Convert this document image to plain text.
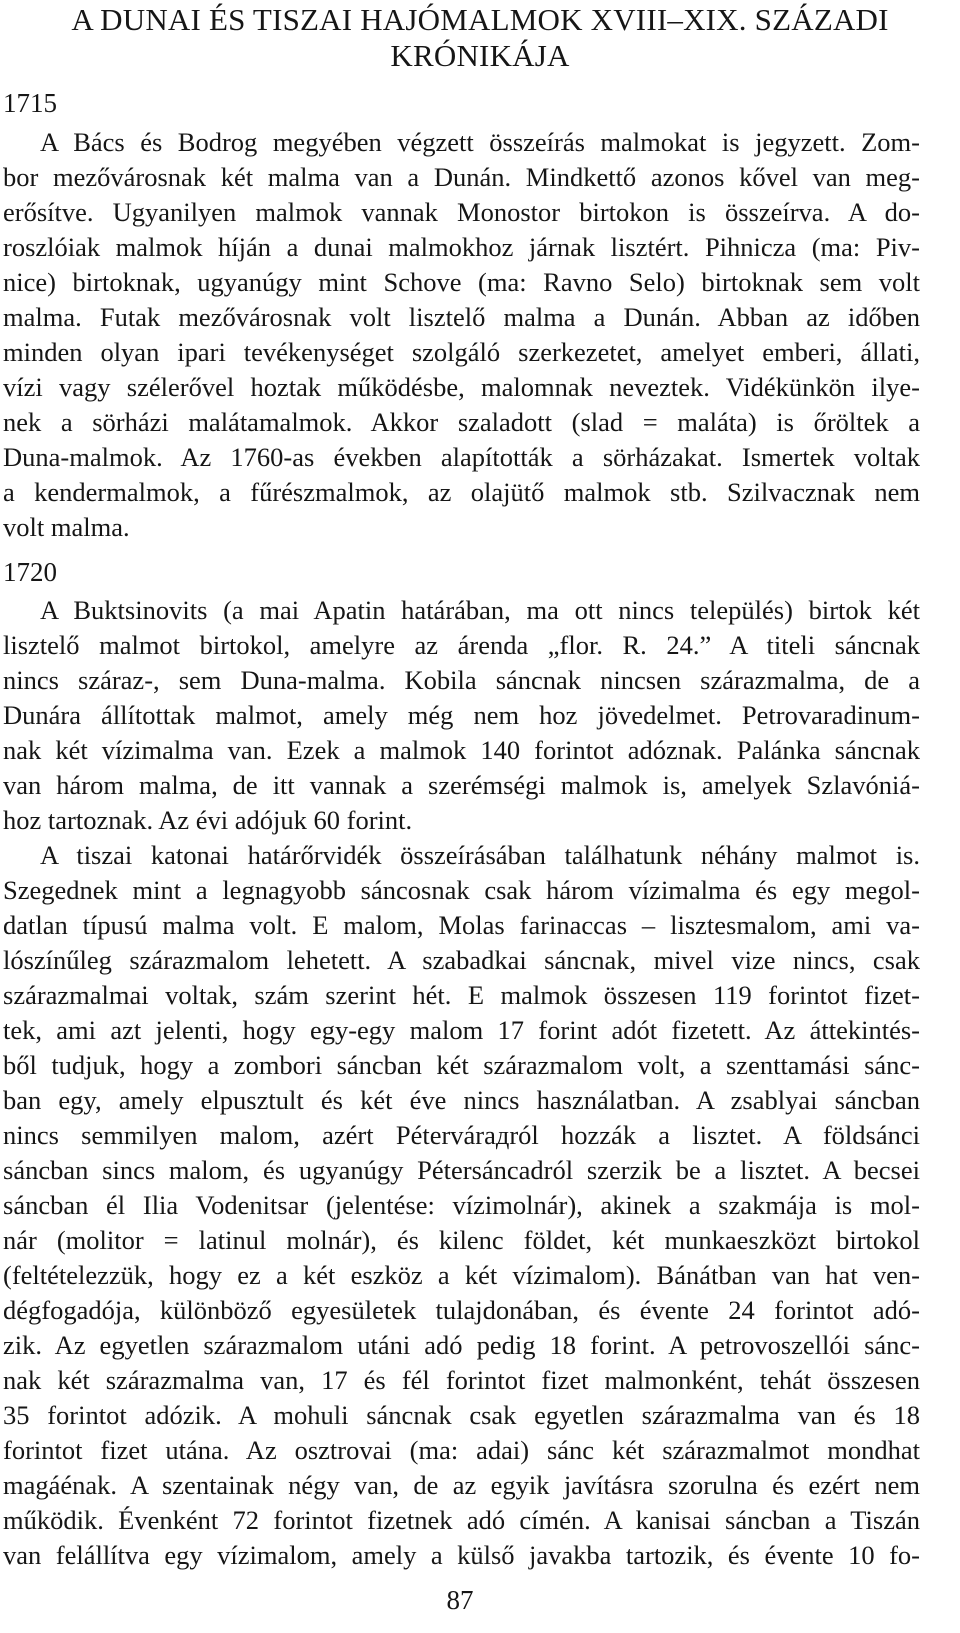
A DUNAI ÉS TISZAI HAJÓMALMOK XVIII–XIX. SZÁZADI
KRÓNIKÁJA
1715
A Bács és Bodrog megyében végzett összeírás malmokat is jegyzett. Zom-
bor mezővárosnak két malma van a Dunán. Mindkettő azonos kővel van meg-
erősítve. Ugyanilyen malmok vannak Monostor birtokon is összeírva. A do-
roszlóiak malmok híján a dunai malmokhoz járnak lisztért. Pihnicza (ma: Piv-
nice) birtoknak, ugyanúgy mint Schove (ma: Ravno Selo) birtoknak sem volt
malma. Futak mezővárosnak volt lisztelő malma a Dunán. Abban az időben
minden olyan ipari tevékenységet szolgáló szerkezetet, amelyet emberi, állati,
vízi vagy szélerővel hoztak működésbe, malomnak neveztek. Vidékünkön ilye-
nek a sörházi malátamalmok. Akkor szaladott (slad = maláta) is őröltek a
Duna-malmok. Az 1760-as években alapították a sörházakat. Ismertek voltak
a kendermalmok, a fűrészmalmok, az olajütő malmok stb. Szilvacznak nem
volt malma.
1720
A Buktsinovits (a mai Apatin határában, ma ott nincs település) birtok két
lisztelő malmot birtokol, amelyre az árenda „flor. R. 24.” A titeli sáncnak
nincs száraz-, sem Duna-malma. Kobila sáncnak nincsen szárazmalma, de a
Dunára állítottak malmot, amely még nem hoz jövedelmet. Petrovaradinum-
nak két vízimalma van. Ezek a malmok 140 forintot adóznak. Palánka sáncnak
van három malma, de itt vannak a szerémségi malmok is, amelyek Szlavóniá-
hoz tartoznak. Az évi adójuk 60 forint.
A tiszai katonai határőrvidék összeírásában találhatunk néhány malmot is.
Szegednek mint a legnagyobb sáncosnak csak három vízimalma és egy megol-
datlan típusú malma volt. E malom, Molas farinaccas – lisztesmalom, ami va-
lószínűleg szárazmalom lehetett. A szabadkai sáncnak, mivel vize nincs, csak
szárazmalmai voltak, szám szerint hét. E malmok összesen 119 forintot fizet-
tek, ami azt jelenti, hogy egy-egy malom 17 forint adót fizetett. Az áttekintés-
ből tudjuk, hogy a zombori sáncban két szárazmalom volt, a szenttamási sánc-
ban egy, amely elpusztult és két éve nincs használatban. A zsablyai sáncban
nincs semmilyen malom, azért Pétervárадról hozzák a lisztet. A földsánci
sáncban sincs malom, és ugyanúgy Pétersáncadról szerzik be a lisztet. A becsei
sáncban él Ilia Vodenitsar (jelentése: vízimolnár), akinek a szakmája is mol-
nár (molitor = latinul molnár), és kilenc földet, két munkaeszközt birtokol
(feltételezzük, hogy ez a két eszköz a két vízimalom). Bánátban van hat ven-
dégfogadója, különböző egyesületek tulajdonában, és évente 24 forintot adó-
zik. Az egyetlen szárazmalom utáni adó pedig 18 forint. A petrovoszellói sánc-
nak két szárazmalma van, 17 és fél forintot fizet malmonként, tehát összesen
35 forintot adózik. A mohuli sáncnak csak egyetlen szárazmalma van és 18
forintot fizet utána. Az osztrovai (ma: adai) sánc két szárazmalmot mondhat
magáénak. A szentainak négy van, de az egyik javításra szorulna és ezért nem
működik. Évenként 72 forintot fizetnek adó címén. A kanisai sáncban a Tiszán
van felállítva egy vízimalom, amely a külső javakba tartozik, és évente 10 fo-
87
